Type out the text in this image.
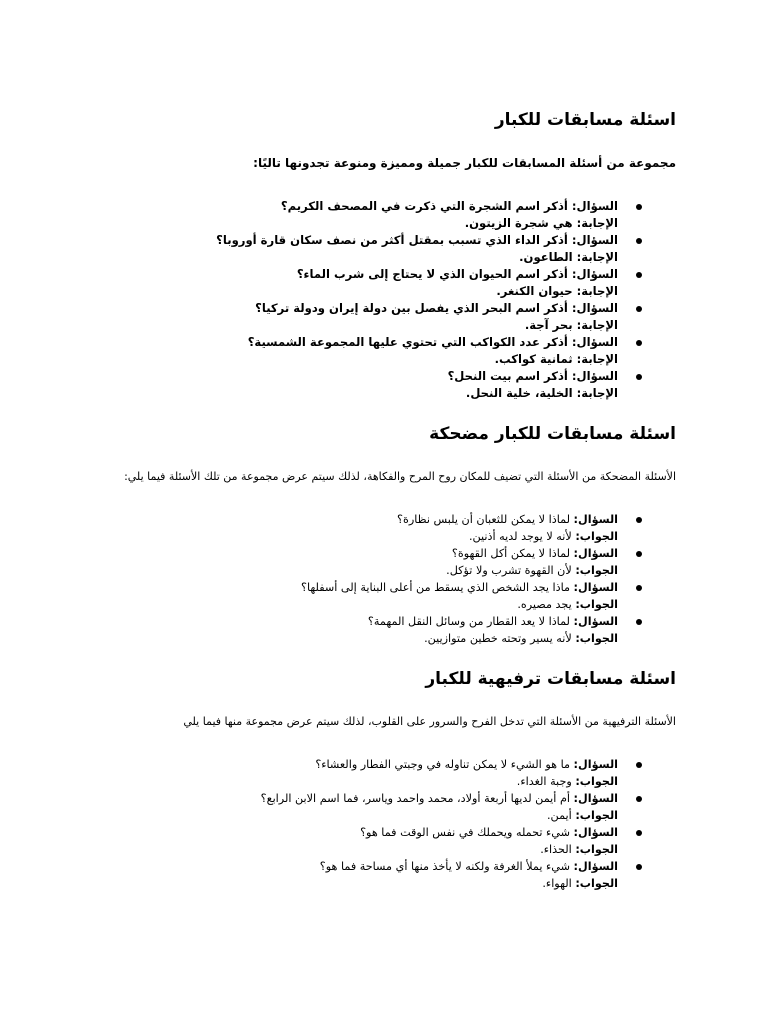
اسئلة مسابقات للكبار

مجموعة من أسئلة المسابقات للكبار جميلة ومميزة ومنوعة تجدونها تاليًا:

السؤال: أذكر اسم الشجرة التي ذكرت في المصحف الكريم؟
الإجابة: هي شجرة الزيتون.
السؤال: أذكر الداء الذي تسبب بمقتل أكثر من نصف سكان قارة أوروبا؟
الإجابة: الطاعون.
السؤال: أذكر اسم الحيوان الذي لا يحتاج إلى شرب الماء؟
الإجابة: حيوان الكنغر.
السؤال: أذكر اسم البحر الذي يفصل بين دولة إيران ودولة تركيا؟
الإجابة: بحر آجة.
السؤال: أذكر عدد الكواكب التي تحتوي عليها المجموعة الشمسية؟
الإجابة: ثمانية كواكب.
السؤال: أذكر اسم بيت النحل؟
الإجابة: الخلية، خلية النحل.
اسئلة مسابقات للكبار مضحكة

الأسئلة المضحكة من الأسئلة التي تضيف للمكان روح المرح والفكاهة، لذلك سيتم عرض مجموعة من تلك الأسئلة فيما يلي:

السؤال: لماذا لا يمكن للثعبان أن يلبس نظارة؟
الجواب: لأنه لا يوجد لديه أذنين.
السؤال: لماذا لا يمكن أكل القهوة؟
الجواب: لأن القهوة تشرب ولا تؤكل.
السؤال: ماذا يجد الشخص الذي يسقط من أعلى البناية إلى أسفلها؟
الجواب: يجد مصيره.
السؤال: لماذا لا يعد القطار من وسائل النقل المهمة؟
الجواب: لأنه يسير وتحته خطين متوازيين.
اسئلة مسابقات ترفيهية للكبار

الأسئلة الترفيهية من الأسئلة التي تدخل الفرح والسرور على القلوب، لذلك سيتم عرض مجموعة منها فيما يلي

السؤال: ما هو الشيء لا يمكن تناوله في وجبتي الفطار والعشاء؟
الجواب: وجبة الغداء.
السؤال: أم أيمن لديها أربعة أولاد، محمد واحمد وياسر، فما اسم الابن الرابع؟
الجواب: أيمن.
السؤال: شيء تحمله ويحملك في نفس الوقت فما هو؟
الجواب: الحذاء.
السؤال: شيء يملأ الغرفة ولكنه لا يأخذ منها أي مساحة فما هو؟
الجواب: الهواء.
